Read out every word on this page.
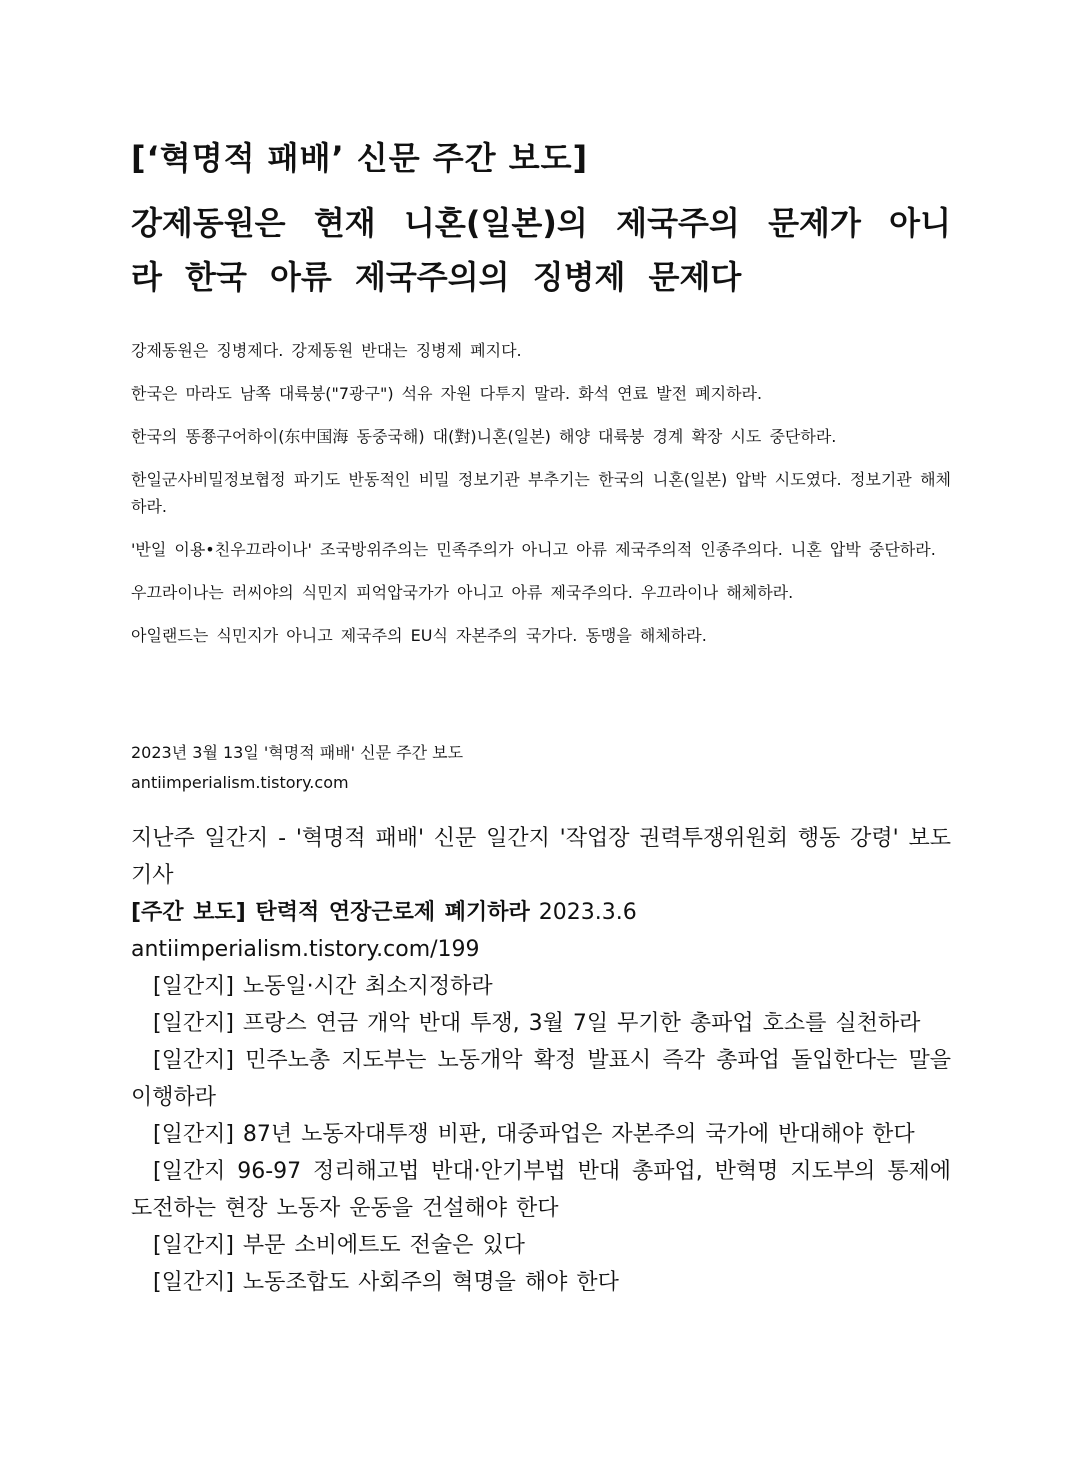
[‘혁명적 패배’ 신문 주간 보도]
강제동원은 현재 니혼(일본)의 제국주의 문제가 아니라 한국 아류 제국주의의 징병제 문제다

강제동원은 징병제다. 강제동원 반대는 징병제 폐지다.

한국은 마라도 남쪽 대륙붕("7광구") 석유 자원 다투지 말라. 화석 연료 발전 폐지하라.

한국의 똥쭁구어하이(东中国海 동중국해) 대(對)니혼(일본) 해양 대륙붕 경계 확장 시도 중단하라.

한일군사비밀정보협정 파기도 반동적인 비밀 정보기관 부추기는 한국의 니혼(일본) 압박 시도였다. 정보기관 해체하라.

'반일 이용•친우끄라이나' 조국방위주의는 민족주의가 아니고 아류 제국주의적 인종주의다. 니혼 압박 중단하라.

우끄라이나는 러씨야의 식민지 피억압국가가 아니고 아류 제국주의다. 우끄라이나 해체하라.

아일랜드는 식민지가 아니고 제국주의 EU식 자본주의 국가다. 동맹을 해체하라.

2023년 3월 13일 '혁명적 패배' 신문 주간 보도
antiimperialism.tistory.com
지난주 일간지 - '혁명적 패배' 신문 일간지 '작업장 권력투쟁위원회 행동 강령' 보도 기사
[주간 보도] 탄력적 연장근로제 폐기하라 2023.3.6
antiimperialism.tistory.com/199
[일간지] 노동일·시간 최소지정하라
[일간지] 프랑스 연금 개악 반대 투쟁, 3월 7일 무기한 총파업 호소를 실천하라
[일간지] 민주노총 지도부는 노동개악 확정 발표시 즉각 총파업 돌입한다는 말을 이행하라
[일간지] 87년 노동자대투쟁 비판, 대중파업은 자본주의 국가에 반대해야 한다
[일간지 96-97 정리해고법 반대·안기부법 반대 총파업, 반혁명 지도부의 통제에 도전하는 현장 노동자 운동을 건설해야 한다
[일간지] 부문 소비에트도 전술은 있다
[일간지] 노동조합도 사회주의 혁명을 해야 한다
